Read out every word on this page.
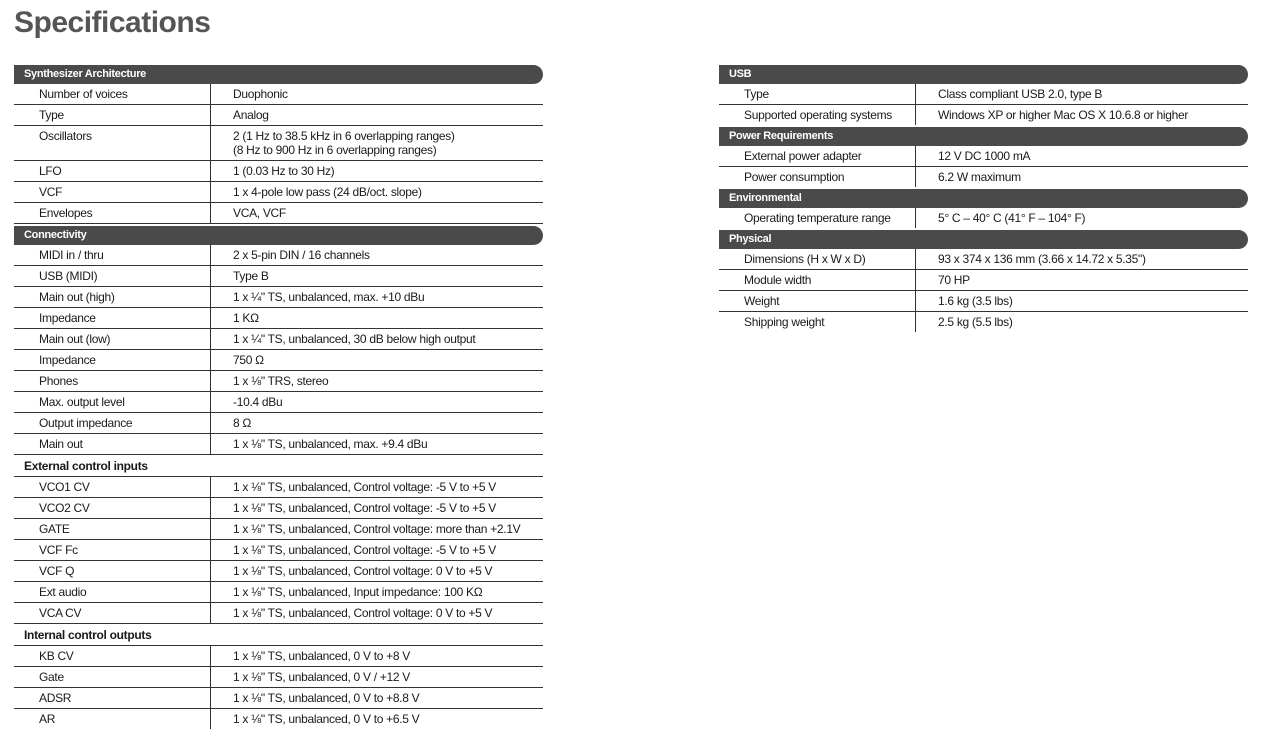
Specifications
Synthesizer Architecture
Number of voices	Duophonic
Type	Analog
Oscillators	2 (1 Hz to 38.5 kHz in 6 overlapping ranges)
(8 Hz to 900 Hz in 6 overlapping ranges)
LFO	1 (0.03 Hz to 30 Hz)
VCF	1 x 4-pole low pass (24 dB/oct. slope)
Envelopes	VCA, VCF
Connectivity
MIDI in / thru	2 x 5-pin DIN / 16 channels
USB (MIDI)	Type B
Main out (high)	1 x ¼" TS, unbalanced, max. +10 dBu
Impedance	1 KΩ
Main out (low)	1 x ¼" TS, unbalanced, 30 dB below high output
Impedance	750 Ω
Phones	1 x ⅛" TRS, stereo
Max. output level	-10.4 dBu
Output impedance	8 Ω
Main out	1 x ⅛" TS, unbalanced, max. +9.4 dBu
External control inputs
VCO1 CV	1 x ⅛" TS, unbalanced, Control voltage: -5 V to +5 V
VCO2 CV	1 x ⅛" TS, unbalanced, Control voltage: -5 V to +5 V
GATE	1 x ⅛" TS, unbalanced, Control voltage: more than +2.1V
VCF Fc	1 x ⅛" TS, unbalanced, Control voltage: -5 V to +5 V
VCF Q	1 x ⅛" TS, unbalanced, Control voltage: 0 V to +5 V
Ext audio	1 x ⅛" TS, unbalanced, Input impedance: 100 KΩ
VCA CV	1 x ⅛" TS, unbalanced, Control voltage: 0 V to +5 V
Internal control outputs
KB CV	1 x ⅛" TS, unbalanced, 0 V to +8 V
Gate	1 x ⅛" TS, unbalanced, 0 V / +12 V
ADSR	1 x ⅛" TS, unbalanced, 0 V to +8.8 V
AR	1 x ⅛" TS, unbalanced, 0 V to +6.5 V
USB
Type	Class compliant USB 2.0, type B
Supported operating systems	Windows XP or higher Mac OS X 10.6.8 or higher
Power Requirements
External power adapter	12 V DC 1000 mA
Power consumption	6.2 W maximum
Environmental
Operating temperature range	5° C – 40° C (41° F – 104° F)
Physical
Dimensions (H x W x D)	93 x 374 x 136 mm (3.66 x 14.72 x 5.35")
Module width	70 HP
Weight	1.6 kg (3.5 lbs)
Shipping weight	2.5 kg (5.5 lbs)
